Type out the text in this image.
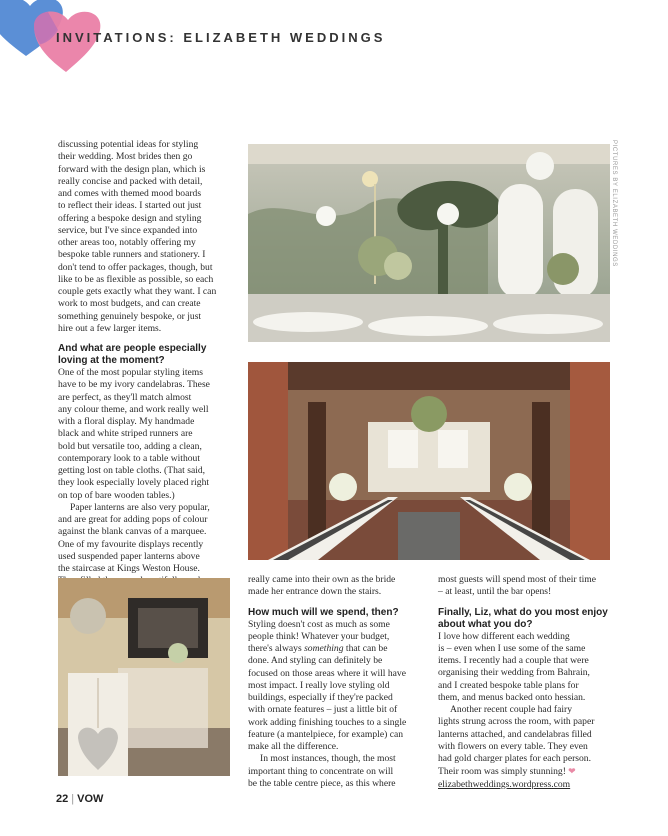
INVITATIONS: ELIZABETH WEDDINGS
discussing potential ideas for styling
their wedding. Most brides then go
forward with the design plan, which is
really concise and packed with detail,
and comes with themed mood boards
to reflect their ideas. I started out just
offering a bespoke design and styling
service, but I've since expanded into
other areas too, notably offering my
bespoke table runners and stationery. I
don't tend to offer packages, though, but
like to be as flexible as possible, so each
couple gets exactly what they want. I can
work to most budgets, and can create
something genuinely bespoke, or just
hire out a few larger items.
And what are people especially
loving at the moment?
One of the most popular styling items
have to be my ivory candelabras. These
are perfect, as they'll match almost
any colour theme, and work really well
with a floral display. My handmade
black and white striped runners are
bold but versatile too, adding a clean,
contemporary look to a table without
getting lost on table cloths. (That said,
they look especially lovely placed right
on top of bare wooden tables.)
Paper lanterns are also very popular,
and are great for adding pops of colour
against the blank canvas of a marquee.
One of my favourite displays recently
used suspended paper lanterns above
the staircase at Kings Weston House.
PICTURES BY ELIZABETH WEDDINGS
really came into their own as the bride
made her entrance down the stairs.
How much will we spend, then?
Styling doesn't cost as much as some
people think! Whatever your budget,
there's always something that can be
done. And styling can definitely be
focused on those areas where it will have
most impact. I really love styling old
buildings, especially if they're packed
with ornate features – just a little bit of
work adding finishing touches to a single
feature (a mantelpiece, for example) can
make all the difference.
In most instances, though, the most
important thing to concentrate on will
be the table centre piece, as this where
most guests will spend most of their time
– at least, until the bar opens!
Finally, Liz, what do you most enjoy
about what you do?
I love how different each wedding
is – even when I use some of the same
items. I recently had a couple that were
organising their wedding from Bahrain,
and I created bespoke table plans for
them, and menus backed onto hessian.
Another recent couple had fairy
lights strung across the room, with paper
lanterns attached, and candelabras filled
with flowers on every table. They even
had gold charger plates for each person.
Their room was simply stunning! ❤
elizabethweddings.wordpress.com
22 | VOW
